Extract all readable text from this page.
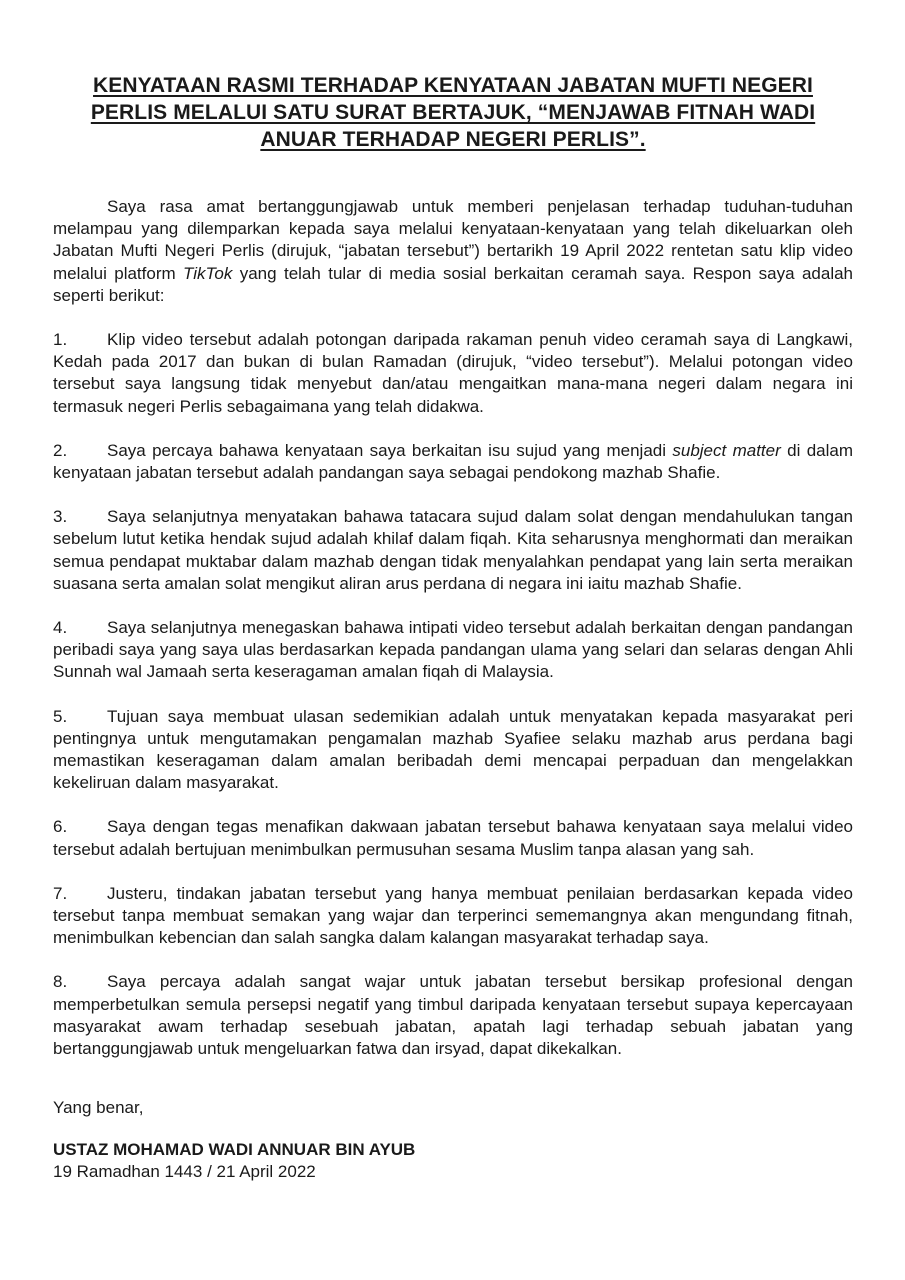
KENYATAAN RASMI TERHADAP KENYATAAN JABATAN MUFTI NEGERI
PERLIS MELALUI SATU SURAT BERTAJUK, “MENJAWAB FITNAH WADI
ANUAR TERHADAP NEGERI PERLIS”.

Saya rasa amat bertanggungjawab untuk memberi penjelasan terhadap tuduhan-tuduhan melampau yang dilemparkan kepada saya melalui kenyataan-kenyataan yang telah dikeluarkan oleh Jabatan Mufti Negeri Perlis (dirujuk, “jabatan tersebut”) bertarikh 19 April 2022 rentetan satu klip video melalui platform TikTok yang telah tular di media sosial berkaitan ceramah saya. Respon saya adalah seperti berikut:

1. Klip video tersebut adalah potongan daripada rakaman penuh video ceramah saya di Langkawi, Kedah pada 2017 dan bukan di bulan Ramadan (dirujuk, “video tersebut”). Melalui potongan video tersebut saya langsung tidak menyebut dan/atau mengaitkan mana-mana negeri dalam negara ini termasuk negeri Perlis sebagaimana yang telah didakwa.
2. Saya percaya bahawa kenyataan saya berkaitan isu sujud yang menjadi subject matter di dalam kenyataan jabatan tersebut adalah pandangan saya sebagai pendokong mazhab Shafie.
3. Saya selanjutnya menyatakan bahawa tatacara sujud dalam solat dengan mendahulukan tangan sebelum lutut ketika hendak sujud adalah khilaf dalam fiqah. Kita seharusnya menghormati dan meraikan semua pendapat muktabar dalam mazhab dengan tidak menyalahkan pendapat yang lain serta meraikan suasana serta amalan solat mengikut aliran arus perdana di negara ini iaitu mazhab Shafie.
4. Saya selanjutnya menegaskan bahawa intipati video tersebut adalah berkaitan dengan pandangan peribadi saya yang saya ulas berdasarkan kepada pandangan ulama yang selari dan selaras dengan Ahli Sunnah wal Jamaah serta keseragaman amalan fiqah di Malaysia.
5. Tujuan saya membuat ulasan sedemikian adalah untuk menyatakan kepada masyarakat peri pentingnya untuk mengutamakan pengamalan mazhab Syafiee selaku mazhab arus perdana bagi memastikan keseragaman dalam amalan beribadah demi mencapai perpaduan dan mengelakkan kekeliruan dalam masyarakat.
6. Saya dengan tegas menafikan dakwaan jabatan tersebut bahawa kenyataan saya melalui video tersebut adalah bertujuan menimbulkan permusuhan sesama Muslim tanpa alasan yang sah.
7. Justeru, tindakan jabatan tersebut yang hanya membuat penilaian berdasarkan kepada video tersebut tanpa membuat semakan yang wajar dan terperinci sememangnya akan mengundang fitnah, menimbulkan kebencian dan salah sangka dalam kalangan masyarakat terhadap saya.
8. Saya percaya adalah sangat wajar untuk jabatan tersebut bersikap profesional dengan memperbetulkan semula persepsi negatif yang timbul daripada kenyataan tersebut supaya kepercayaan masyarakat awam terhadap sesebuah jabatan, apatah lagi terhadap sebuah jabatan yang bertanggungjawab untuk mengeluarkan fatwa dan irsyad, dapat dikekalkan.
Yang benar,
USTAZ MOHAMAD WADI ANNUAR BIN AYUB
19 Ramadhan 1443 / 21 April 2022
